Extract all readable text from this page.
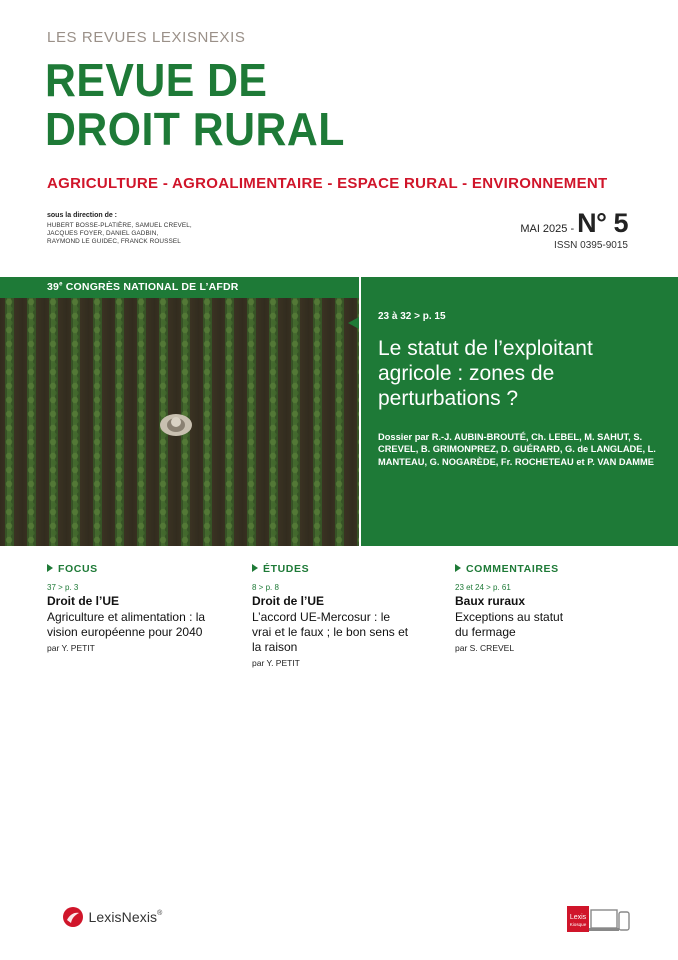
LES REVUES LEXISNEXIS
REVUE DE
DROIT RURAL
AGRICULTURE - AGROALIMENTAIRE - ESPACE RURAL - ENVIRONNEMENT
sous la direction de :
HUBERT BOSSE-PLATIÈRE, SAMUEL CREVEL,
JACQUES FOYER, DANIEL GADBIN,
RAYMOND LE GUIDEC, FRANCK ROUSSEL
MAI 2025 - N° 5
ISSN 0395-9015
39e CONGRÈS NATIONAL DE L’AFDR
23 à 32 > p. 15
Le statut de l’exploitant agricole : zones de perturbations ?
Dossier par R.-J. AUBIN-BROUTÉ, Ch. LEBEL, M. SAHUT, S. CREVEL, B. GRIMONPREZ, D. GUÉRARD, G. de LANGLADE, L. MANTEAU, G. NOGARÈDE, Fr. ROCHETEAU et P. VAN DAMME
FOCUS
37 > p. 3
Droit de l’UE
Agriculture et alimentation : la vision européenne pour 2040
par Y. PETIT
ÉTUDES
8 > p. 8
Droit de l’UE
L’accord UE-Mercosur : le vrai et le faux ; le bon sens et la raison
par Y. PETIT
COMMENTAIRES
23 et 24 > p. 61
Baux ruraux
Exceptions au statut du fermage
par S. CREVEL
LexisNexis®
Lexis
Kiosque
